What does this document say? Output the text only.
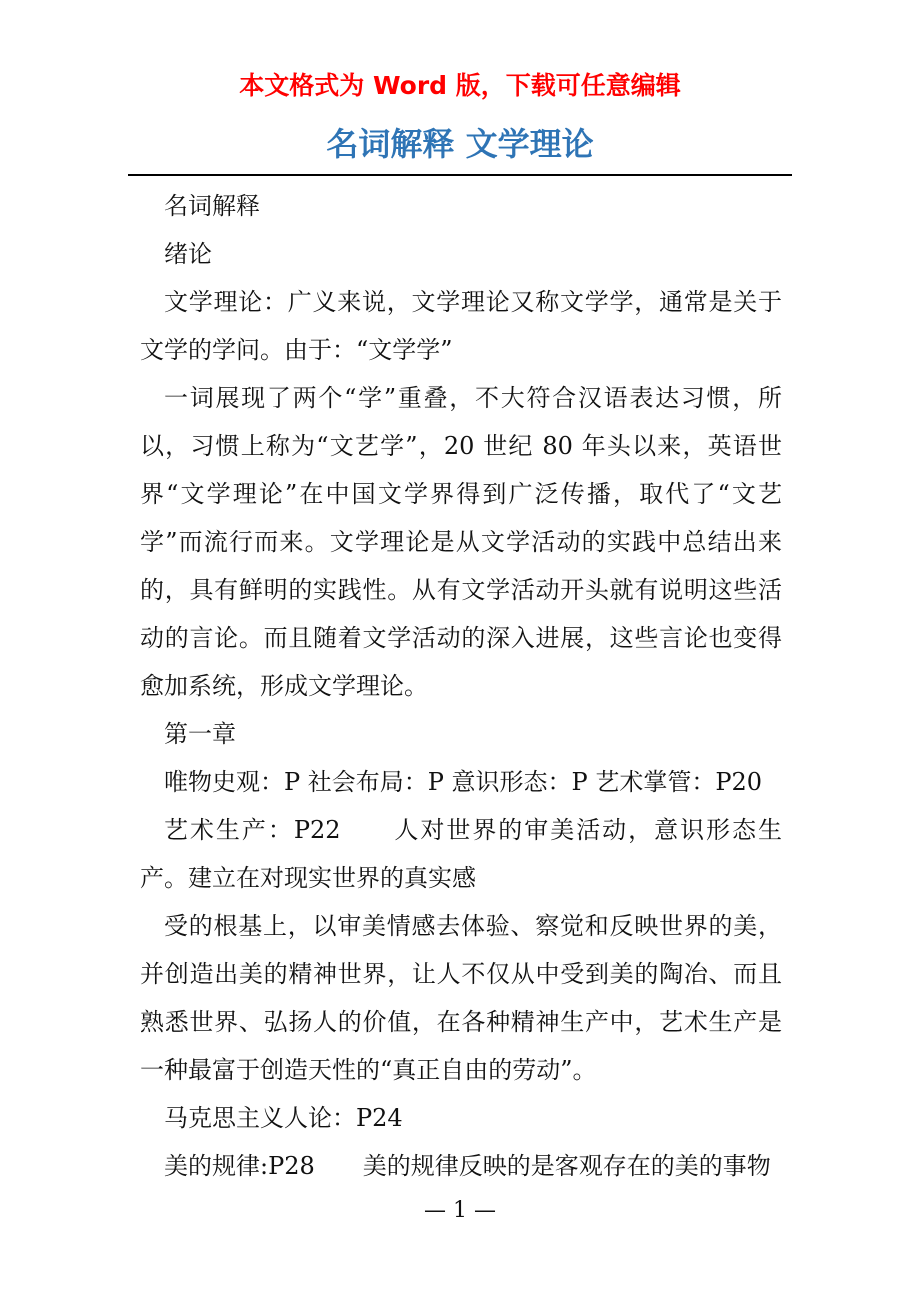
本文格式为 Word 版，下载可任意编辑
名词解释 文学理论

名词解释

绪论

文学理论：广义来说，文学理论又称文学学，通常是关于文学的学问。由于：“文学学”

一词展现了两个“学”重叠，不大符合汉语表达习惯，所以，习惯上称为“文艺学”，20 世纪 80 年头以来，英语世界“文学理论”在中国文学界得到广泛传播，取代了“文艺学”而流行而来。文学理论是从文学活动的实践中总结出来的，具有鲜明的实践性。从有文学活动开头就有说明这些活动的言论。而且随着文学活动的深入进展，这些言论也变得愈加系统，形成文学理论。

第一章

唯物史观：P 社会布局：P 意识形态：P 艺术掌管：P20

艺术生产：P22　　人对世界的审美活动，意识形态生产。建立在对现实世界的真实感

受的根基上，以审美情感去体验、察觉和反映世界的美，并创造出美的精神世界，让人不仅从中受到美的陶冶、而且熟悉世界、弘扬人的价值，在各种精神生产中，艺术生产是一种最富于创造天性的“真正自由的劳动”。

马克思主义人论：P24

美的规律:P28　　美的规律反映的是客观存在的美的事物

— 1 —
